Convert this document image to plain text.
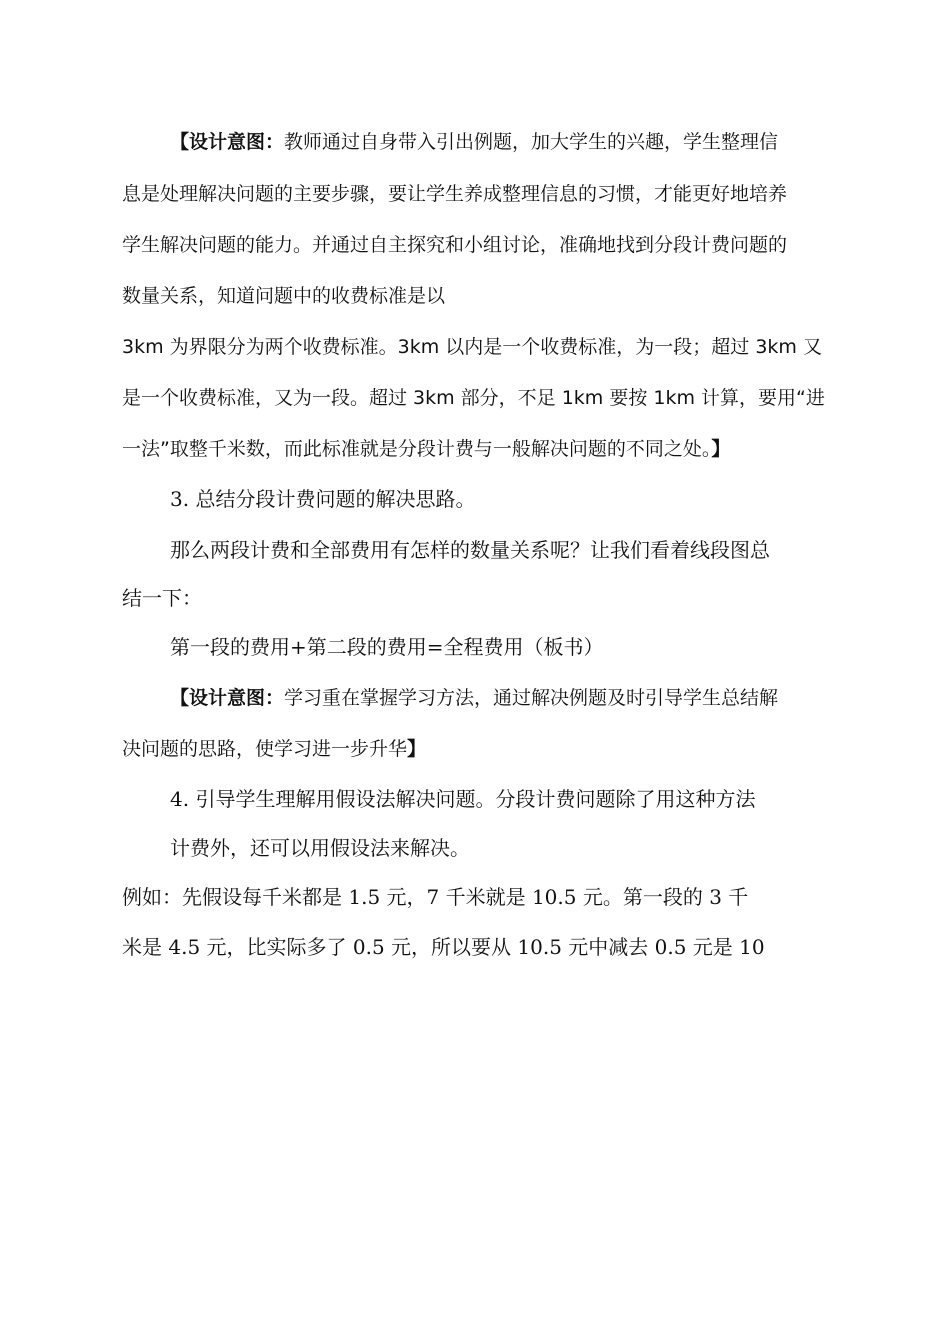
【设计意图：教师通过自身带入引出例题，加大学生的兴趣，学生整理信
息是处理解决问题的主要步骤，要让学生养成整理信息的习惯，才能更好地培养
学生解决问题的能力。并通过自主探究和小组讨论，准确地找到分段计费问题的
数量关系，知道问题中的收费标准是以
3km 为界限分为两个收费标准。3km 以内是一个收费标准，为一段；超过 3km 又
是一个收费标准，又为一段。超过 3km 部分，不足 1km 要按 1km 计算，要用“进
一法”取整千米数，而此标准就是分段计费与一般解决问题的不同之处。】
3. 总结分段计费问题的解决思路。
那么两段计费和全部费用有怎样的数量关系呢？让我们看着线段图总
结一下：
第一段的费用+第二段的费用=全程费用（板书）
【设计意图：学习重在掌握学习方法，通过解决例题及时引导学生总结解
决问题的思路，使学习进一步升华】
4. 引导学生理解用假设法解决问题。分段计费问题除了用这种方法
计费外，还可以用假设法来解决。
例如：先假设每千米都是 1.5 元，7 千米就是 10.5 元。第一段的 3 千
米是 4.5 元，比实际多了 0.5 元，所以要从 10.5 元中减去 0.5 元是 10
